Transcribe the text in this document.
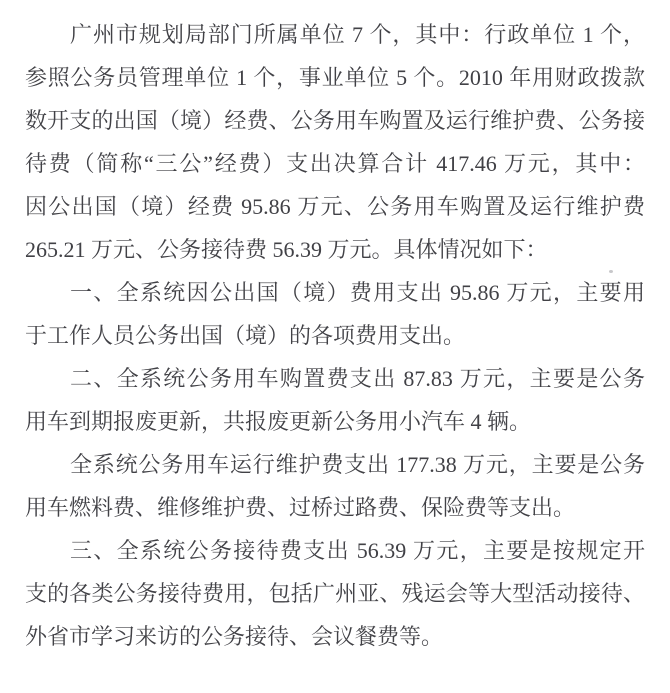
广州市规划局部门所属单位 7 个，其中：行政单位 1 个，
参照公务员管理单位 1 个，事业单位 5 个。2010 年用财政拨款
数开支的出国（境）经费、公务用车购置及运行维护费、公务接
待费（简称“三公”经费）支出决算合计 417.46 万元，其中：
因公出国（境）经费 95.86 万元、公务用车购置及运行维护费
265.21 万元、公务接待费 56.39 万元。具体情况如下：
一、全系统因公出国（境）费用支出 95.86 万元，主要用
于工作人员公务出国（境）的各项费用支出。
二、全系统公务用车购置费支出 87.83 万元，主要是公务
用车到期报废更新，共报废更新公务用小汽车 4 辆。
全系统公务用车运行维护费支出 177.38 万元，主要是公务
用车燃料费、维修维护费、过桥过路费、保险费等支出。
三、全系统公务接待费支出 56.39 万元，主要是按规定开
支的各类公务接待费用，包括广州亚、残运会等大型活动接待、
外省市学习来访的公务接待、会议餐费等。
